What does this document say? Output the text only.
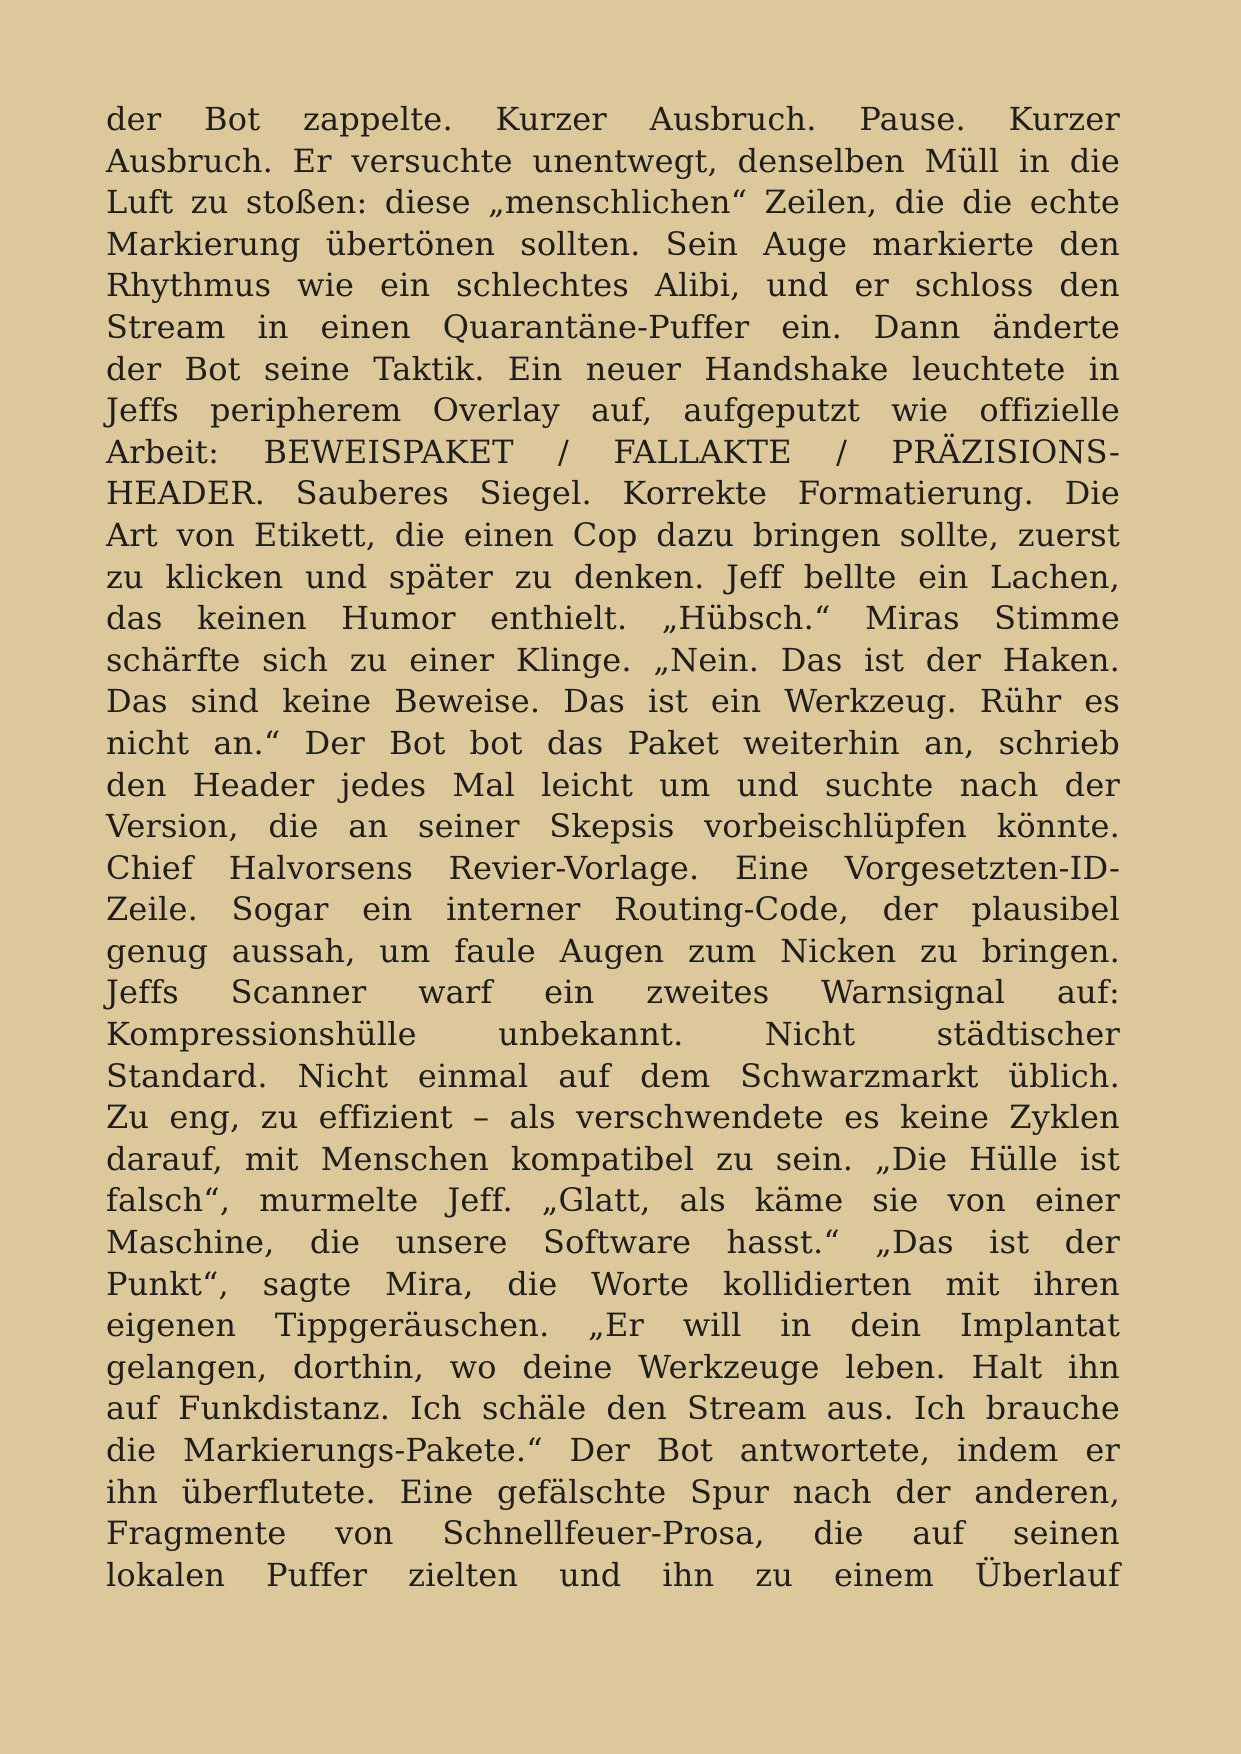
der Bot zappelte. Kurzer Ausbruch. Pause. Kurzer
Ausbruch. Er versuchte unentwegt, denselben Müll in die
Luft zu stoßen: diese „menschlichen“ Zeilen, die die echte
Markierung übertönen sollten. Sein Auge markierte den
Rhythmus wie ein schlechtes Alibi, und er schloss den
Stream in einen Quarantäne-Puffer ein. Dann änderte
der Bot seine Taktik. Ein neuer Handshake leuchtete in
Jeffs peripherem Overlay auf, aufgeputzt wie offizielle
Arbeit: BEWEISPAKET / FALLAKTE / PRÄZISIONS-
HEADER. Sauberes Siegel. Korrekte Formatierung. Die
Art von Etikett, die einen Cop dazu bringen sollte, zuerst
zu klicken und später zu denken. Jeff bellte ein Lachen,
das keinen Humor enthielt. „Hübsch.“ Miras Stimme
schärfte sich zu einer Klinge. „Nein. Das ist der Haken.
Das sind keine Beweise. Das ist ein Werkzeug. Rühr es
nicht an.“ Der Bot bot das Paket weiterhin an, schrieb
den Header jedes Mal leicht um und suchte nach der
Version, die an seiner Skepsis vorbeischlüpfen könnte.
Chief Halvorsens Revier-Vorlage. Eine Vorgesetzten-ID-
Zeile. Sogar ein interner Routing-Code, der plausibel
genug aussah, um faule Augen zum Nicken zu bringen.
Jeffs Scanner warf ein zweites Warnsignal auf:
Kompressionshülle unbekannt. Nicht städtischer
Standard. Nicht einmal auf dem Schwarzmarkt üblich.
Zu eng, zu effizient – als verschwendete es keine Zyklen
darauf, mit Menschen kompatibel zu sein. „Die Hülle ist
falsch“, murmelte Jeff. „Glatt, als käme sie von einer
Maschine, die unsere Software hasst.“ „Das ist der
Punkt“, sagte Mira, die Worte kollidierten mit ihren
eigenen Tippgeräuschen. „Er will in dein Implantat
gelangen, dorthin, wo deine Werkzeuge leben. Halt ihn
auf Funkdistanz. Ich schäle den Stream aus. Ich brauche
die Markierungs-Pakete.“ Der Bot antwortete, indem er
ihn überflutete. Eine gefälschte Spur nach der anderen,
Fragmente von Schnellfeuer-Prosa, die auf seinen
lokalen Puffer zielten und ihn zu einem Überlauf
